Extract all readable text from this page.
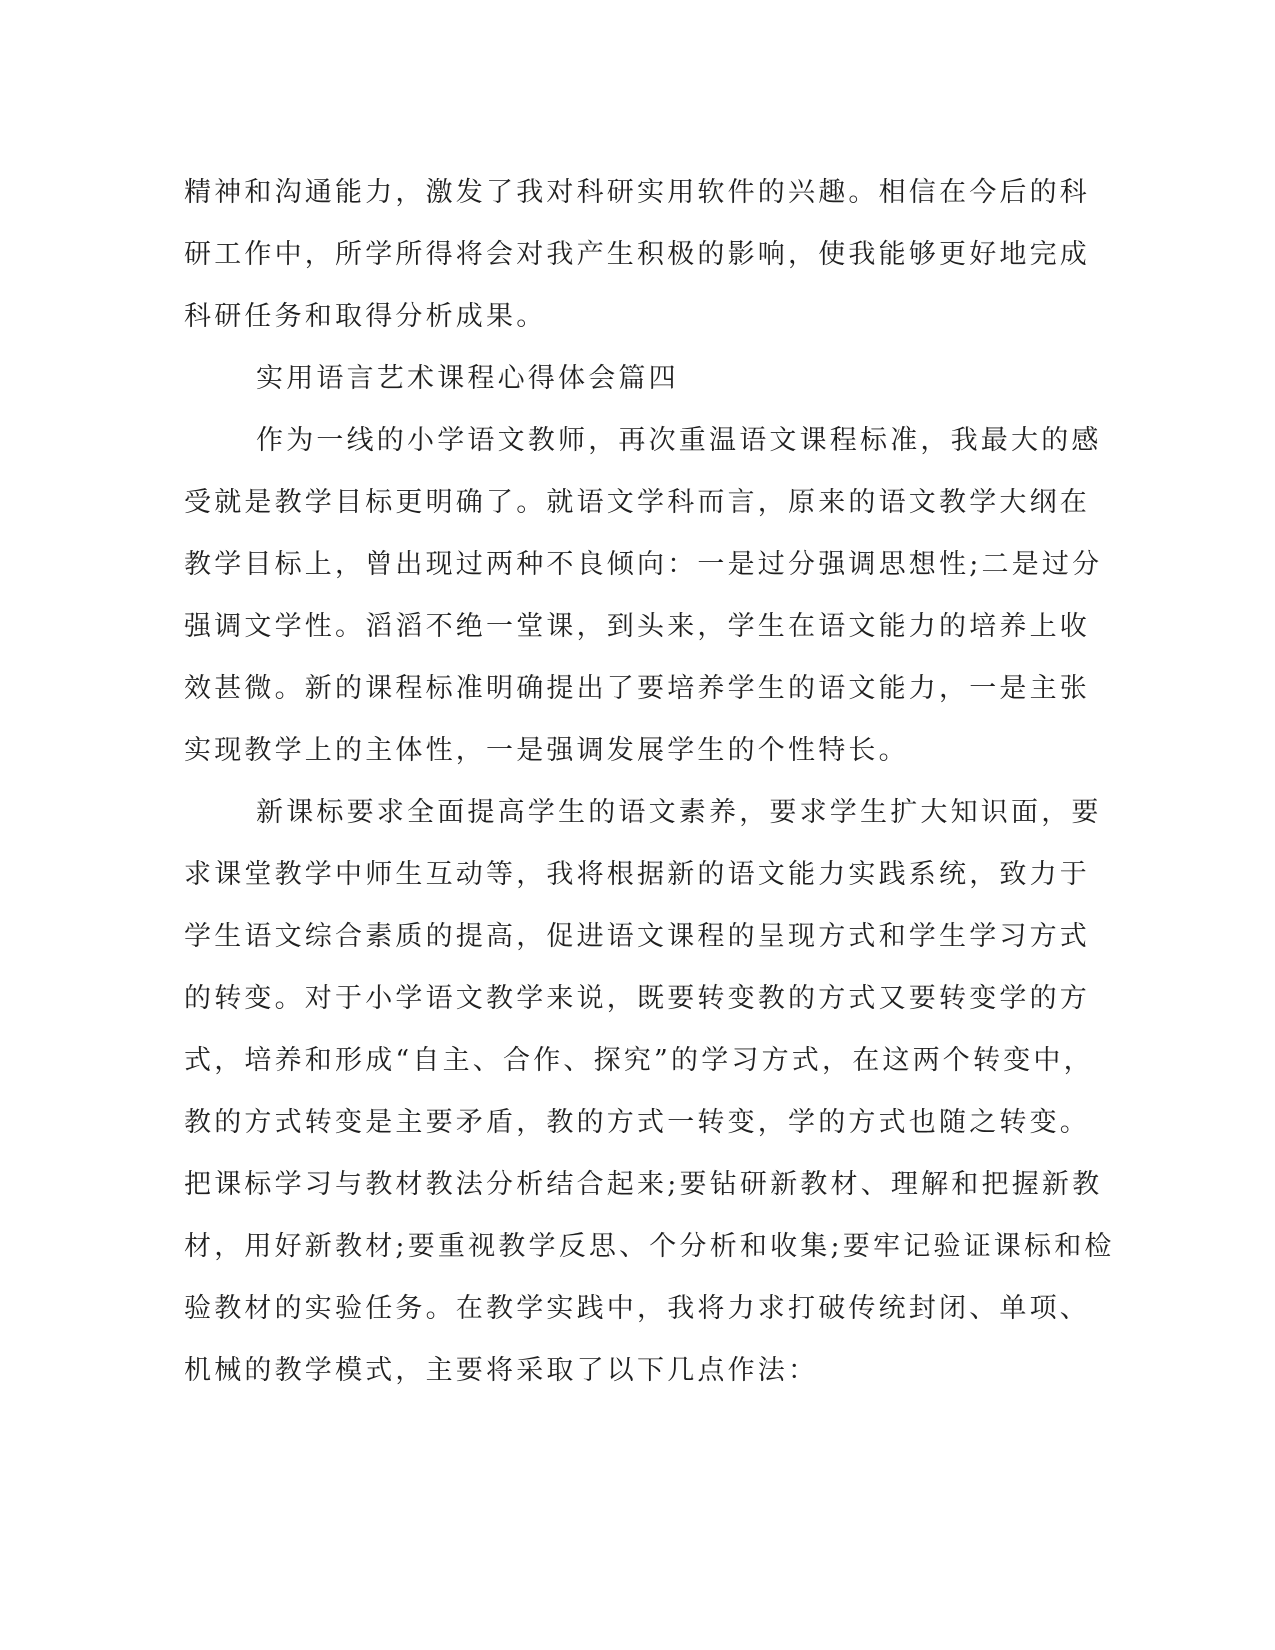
精神和沟通能力，激发了我对科研实用软件的兴趣。相信在今后的科
研工作中，所学所得将会对我产生积极的影响，使我能够更好地完成
科研任务和取得分析成果。

实用语言艺术课程心得体会篇四

作为一线的小学语文教师，再次重温语文课程标准，我最大的感
受就是教学目标更明确了。就语文学科而言，原来的语文教学大纲在
教学目标上，曾出现过两种不良倾向：一是过分强调思想性;二是过分
强调文学性。滔滔不绝一堂课，到头来，学生在语文能力的培养上收
效甚微。新的课程标准明确提出了要培养学生的语文能力，一是主张
实现教学上的主体性，一是强调发展学生的个性特长。

新课标要求全面提高学生的语文素养，要求学生扩大知识面，要
求课堂教学中师生互动等，我将根据新的语文能力实践系统，致力于
学生语文综合素质的提高，促进语文课程的呈现方式和学生学习方式
的转变。对于小学语文教学来说，既要转变教的方式又要转变学的方
式，培养和形成“自主、合作、探究”的学习方式，在这两个转变中，
教的方式转变是主要矛盾，教的方式一转变，学的方式也随之转变。
把课标学习与教材教法分析结合起来;要钻研新教材、理解和把握新教
材，用好新教材;要重视教学反思、个分析和收集;要牢记验证课标和检
验教材的实验任务。在教学实践中，我将力求打破传统封闭、单项、
机械的教学模式，主要将采取了以下几点作法：
